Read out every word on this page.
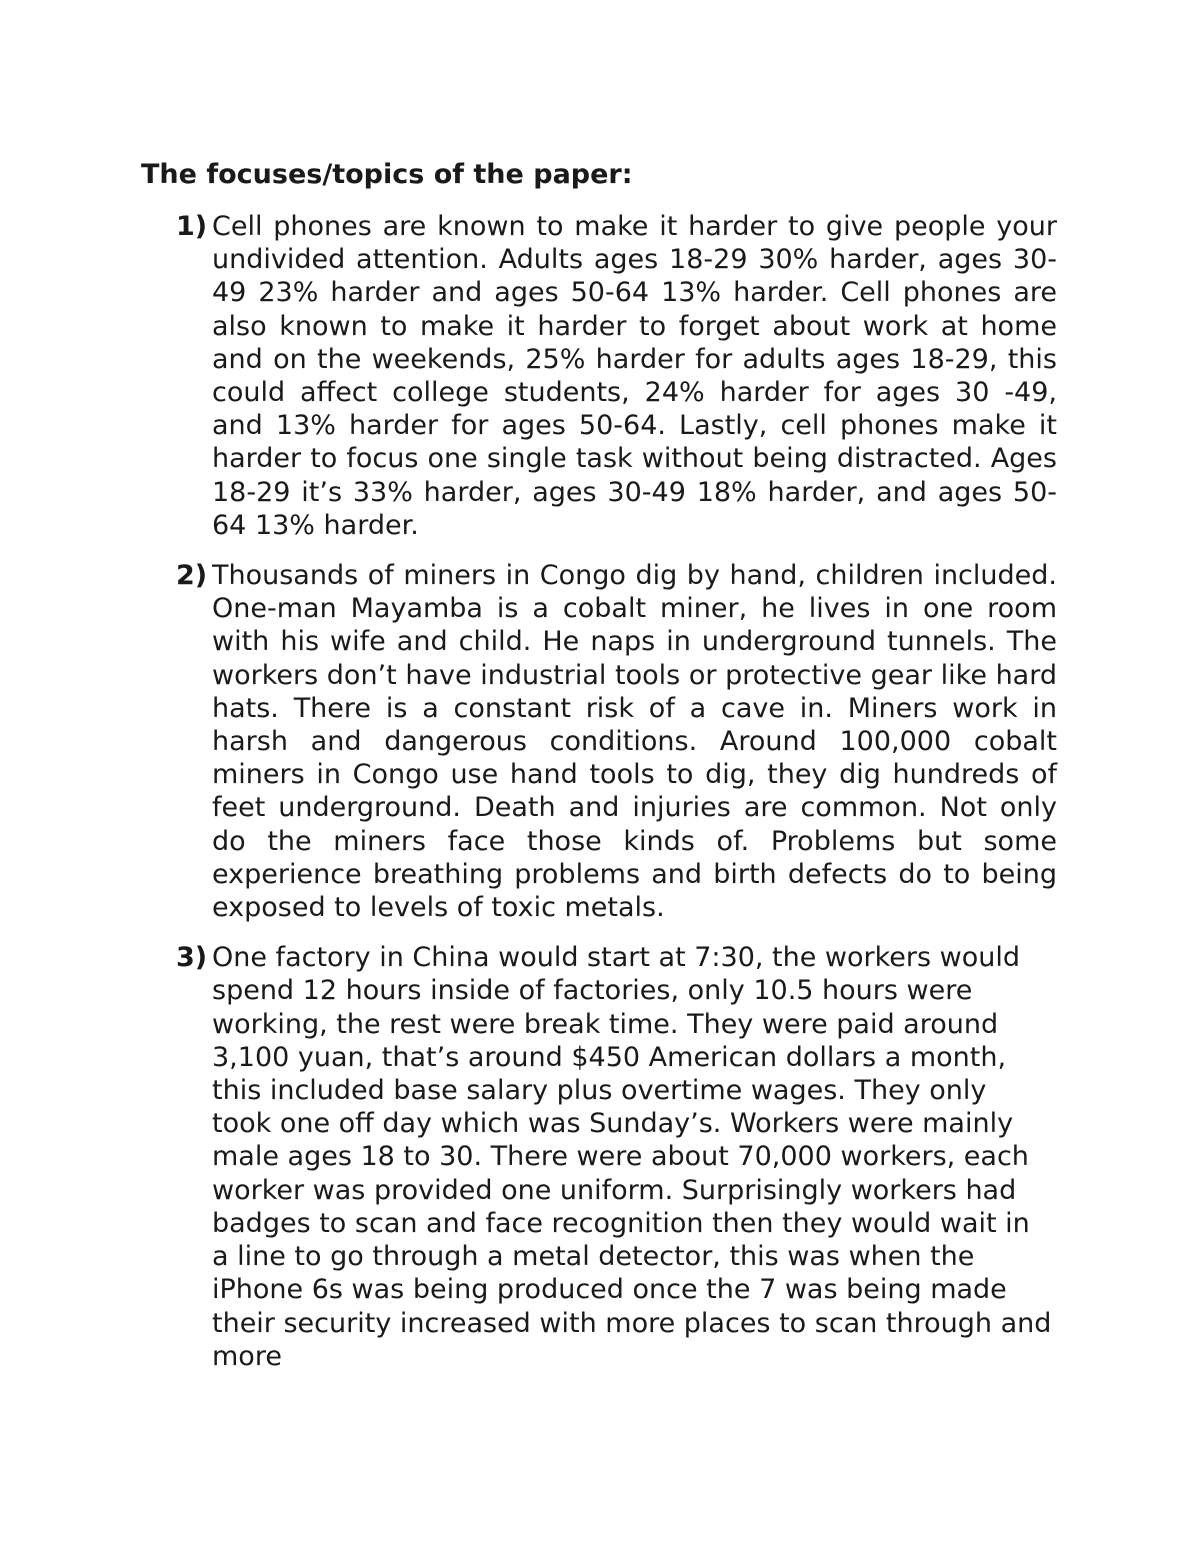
The focuses/topics of the paper:
1) Cell phones are known to make it harder to give people your undivided attention. Adults ages 18-29 30% harder, ages 30-49 23% harder and ages 50-64 13% harder. Cell phones are also known to make it harder to forget about work at home and on the weekends, 25% harder for adults ages 18-29, this could affect college students, 24% harder for ages 30 -49, and 13% harder for ages 50-64. Lastly, cell phones make it harder to focus one single task without being distracted. Ages 18-29 it’s 33% harder, ages 30-49 18% harder, and ages 50-64 13% harder.
2) Thousands of miners in Congo dig by hand, children included. One-man Mayamba is a cobalt miner, he lives in one room with his wife and child. He naps in underground tunnels. The workers don’t have industrial tools or protective gear like hard hats. There is a constant risk of a cave in. Miners work in harsh and dangerous conditions. Around 100,000 cobalt miners in Congo use hand tools to dig, they dig hundreds of feet underground. Death and injuries are common. Not only do the miners face those kinds of. Problems but some experience breathing problems and birth defects do to being exposed to levels of toxic metals.
3) One factory in China would start at 7:30, the workers would spend 12 hours inside of factories, only 10.5 hours were working, the rest were break time. They were paid around 3,100 yuan, that’s around $450 American dollars a month, this included base salary plus overtime wages. They only took one off day which was Sunday’s. Workers were mainly male ages 18 to 30. There were about 70,000 workers, each worker was provided one uniform. Surprisingly workers had badges to scan and face recognition then they would wait in a line to go through a metal detector, this was when the iPhone 6s was being produced once the 7 was being made their security increased with more places to scan through and more
